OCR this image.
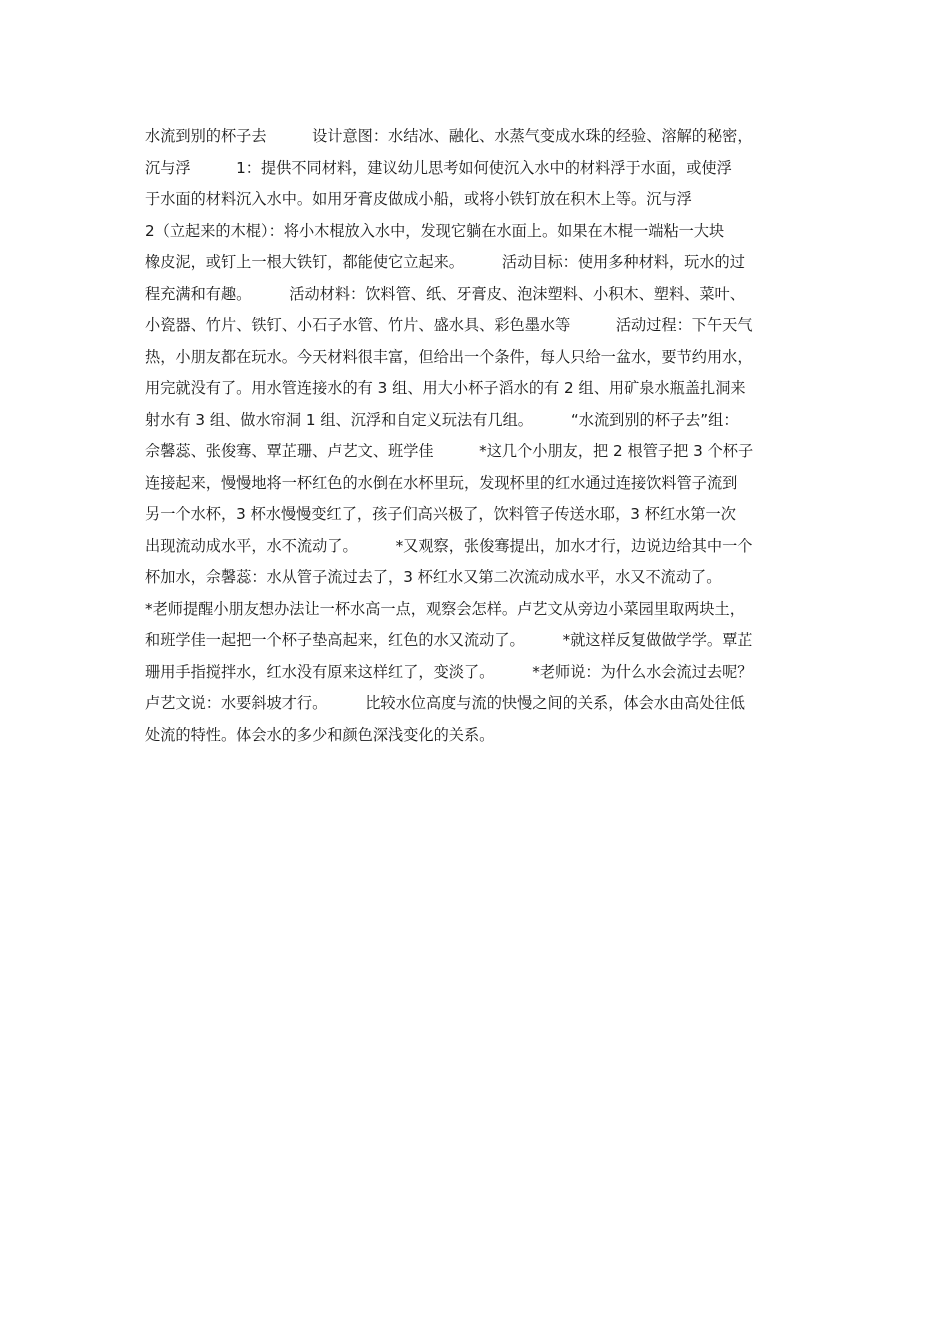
水流到别的杯子去　　　设计意图：水结冰、融化、水蒸气变成水珠的经验、溶解的秘密，
沉与浮　　　1：提供不同材料，建议幼儿思考如何使沉入水中的材料浮于水面，或使浮
于水面的材料沉入水中。如用牙膏皮做成小船，或将小铁钉放在积木上等。沉与浮
2（立起来的木棍）：将小木棍放入水中，发现它躺在水面上。如果在木棍一端粘一大块
橡皮泥，或钉上一根大铁钉，都能使它立起来。　　　活动目标：使用多种材料，玩水的过
程充满和有趣。　　　活动材料：饮料管、纸、牙膏皮、泡沫塑料、小积木、塑料、菜叶、
小瓷器、竹片、铁钉、小石子水管、竹片、盛水具、彩色墨水等　　　活动过程：下午天气
热，小朋友都在玩水。今天材料很丰富，但给出一个条件，每人只给一盆水，要节约用水，
用完就没有了。用水管连接水的有 3 组、用大小杯子滔水的有 2 组、用矿泉水瓶盖扎洞来
射水有 3 组、做水帘洞 1 组、沉浮和自定义玩法有几组。　　　“水流到别的杯子去”组：
佘馨蕊、张俊骞、覃芷珊、卢艺文、班学佳　　　*这几个小朋友，把 2 根管子把 3 个杯子
连接起来，慢慢地将一杯红色的水倒在水杯里玩，发现杯里的红水通过连接饮料管子流到
另一个水杯，3 杯水慢慢变红了，孩子们高兴极了，饮料管子传送水耶，3 杯红水第一次
出现流动成水平，水不流动了。　　　*又观察，张俊骞提出，加水才行，边说边给其中一个
杯加水，佘馨蕊：水从管子流过去了，3 杯红水又第二次流动成水平，水又不流动了。
*老师提醒小朋友想办法让一杯水高一点，观察会怎样。卢艺文从旁边小菜园里取两块土，
和班学佳一起把一个杯子垫高起来，红色的水又流动了。　　　*就这样反复做做学学。覃芷
珊用手指搅拌水，红水没有原来这样红了，变淡了。　　　*老师说：为什么水会流过去呢？
卢艺文说：水要斜坡才行。　　　比较水位高度与流的快慢之间的关系，体会水由高处往低
处流的特性。体会水的多少和颜色深浅变化的关系。
